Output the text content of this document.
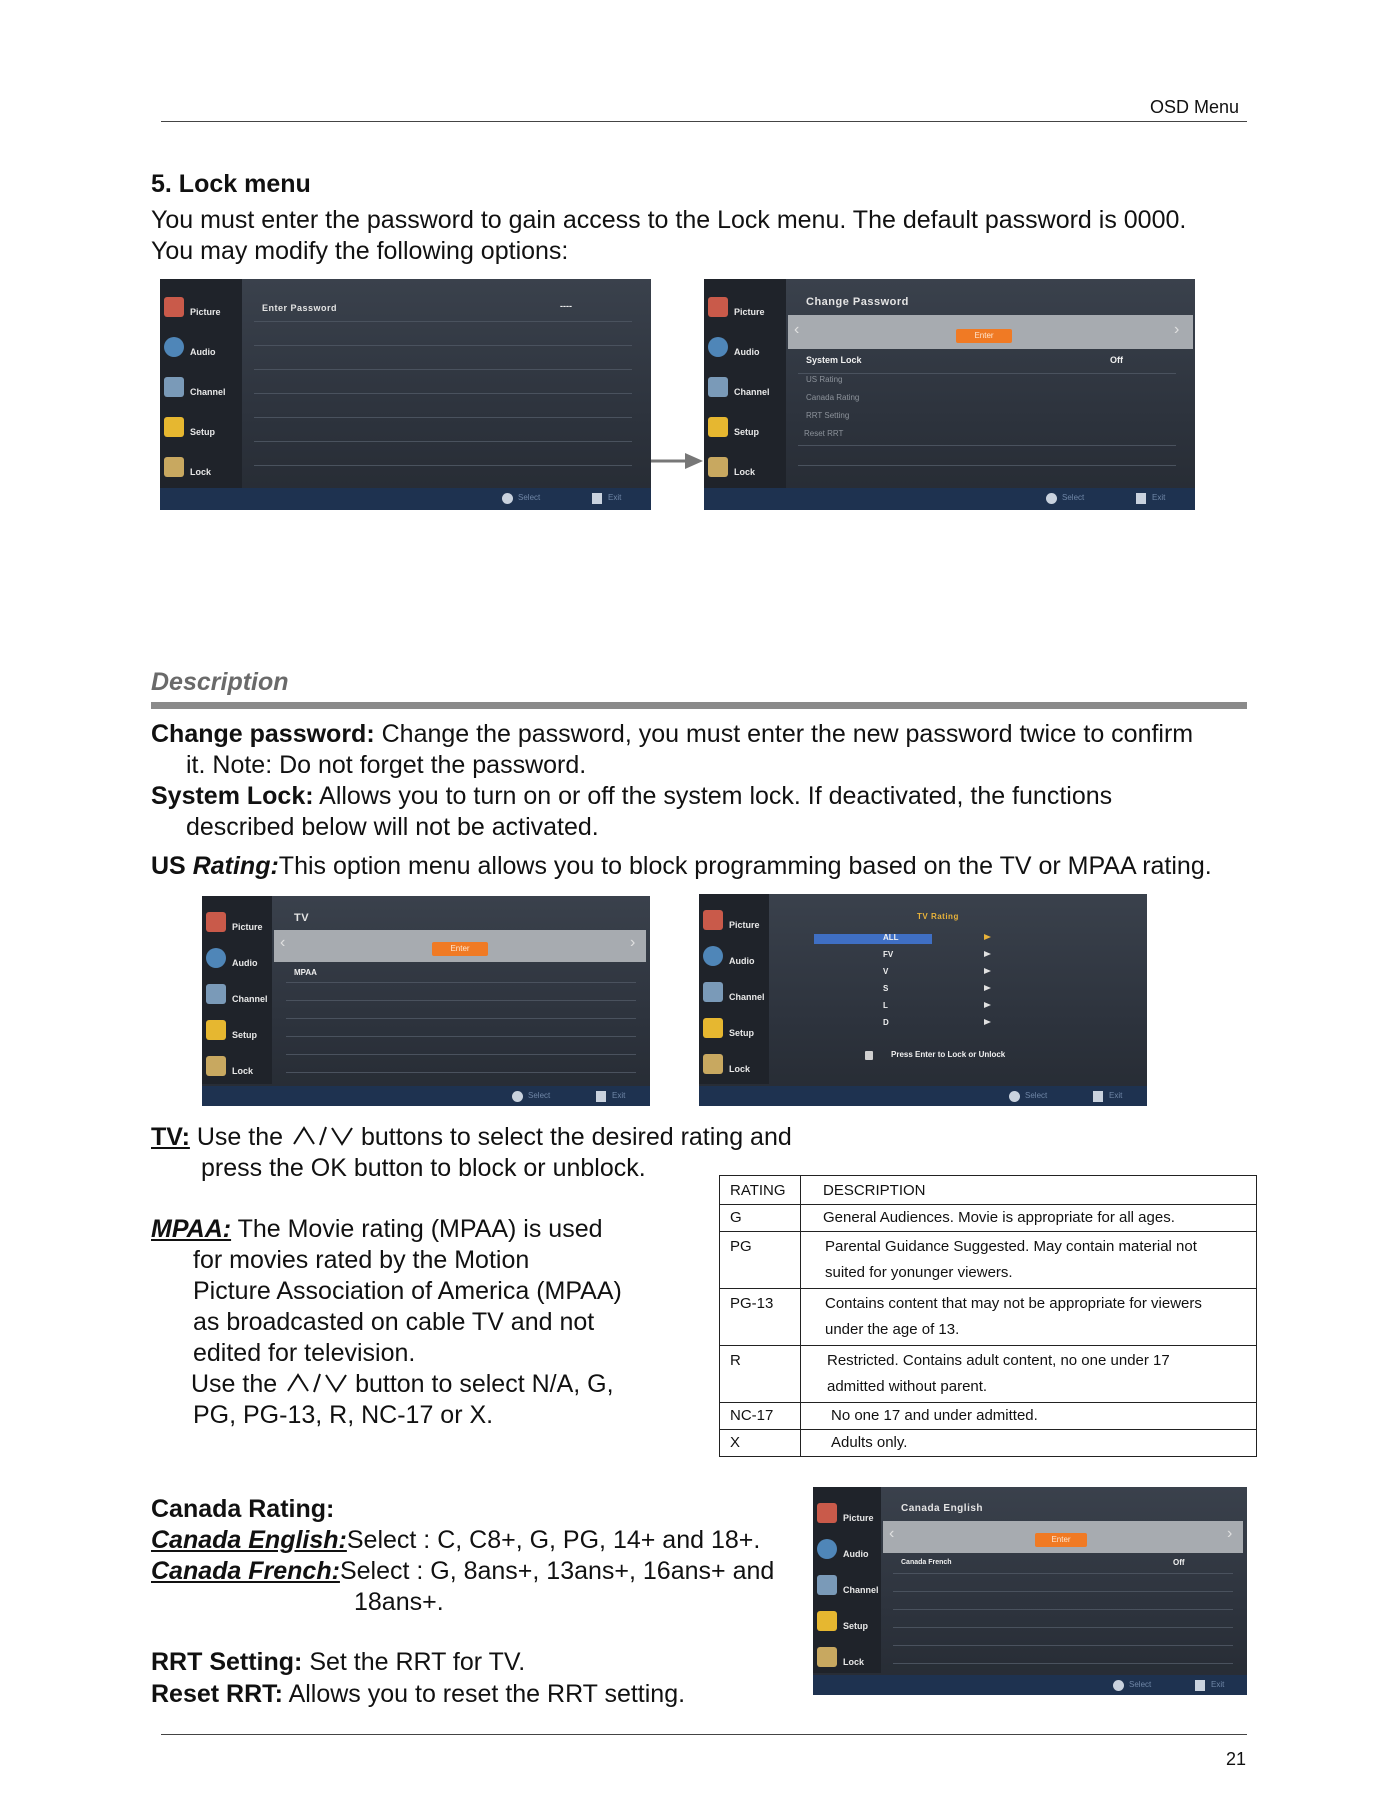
OSD Menu
5. Lock menu
You must enter the password to gain access to the Lock menu. The default password is 0000.
You may modify the following options:
Picture
Audio
Channel
Setup
Lock
Enter Password	----
Select	Exit
Picture
Audio
Channel
Setup
Lock
Change Password
‹	›
Enter
System Lock	Off
US Rating
Canada Rating
RRT Setting
Reset RRT
Select	Exit
Description
Change password: Change the password, you must enter the new password twice to confirm
it. Note: Do not forget the password.
System Lock: Allows you to turn on or off the system lock. If deactivated, the functions
described below will not be activated.
US Rating:This option menu allows you to block programming based on the TV or MPAA rating.
Picture
Audio
Channel
Setup
Lock
TV
‹	›
Enter
MPAA
Select	Exit
Picture
Audio
Channel
Setup
Lock
TV Rating
ALL
FV
V
S
L
D
Press Enter to Lock or Unlock
Select	Exit
TV: Use the	buttons to select the desired rating and
press the OK button to block or unblock.
MPAA: The Movie rating (MPAA) is used
for movies rated by the Motion
Picture Association of America (MPAA)
as broadcasted on cable TV and not
edited for television.
Use the	button to select N/A, G,
PG, PG-13, R, NC-17 or X.
RATING	DESCRIPTION
G	General Audiences. Movie is appropriate for all ages.
PG	Parental Guidance Suggested. May contain material not suited for yonunger viewers.
PG-13	Contains content that may not be appropriate for viewers under the age of 13.
R	Restricted. Contains adult content, no one under 17 admitted without parent.
NC-17	No one 17 and under admitted.
X	Adults only.
Canada Rating:
Canada English:Select : C, C8+, G, PG, 14+ and 18+.
Canada French:Select : G, 8ans+, 13ans+, 16ans+ and
18ans+.
Picture
Audio
Channel
Setup
Lock
Canada English
‹	›
Enter
Canada French	Off
Select	Exit
RRT Setting: Set the RRT for TV.
Reset RRT: Allows you to reset the RRT setting.
21
